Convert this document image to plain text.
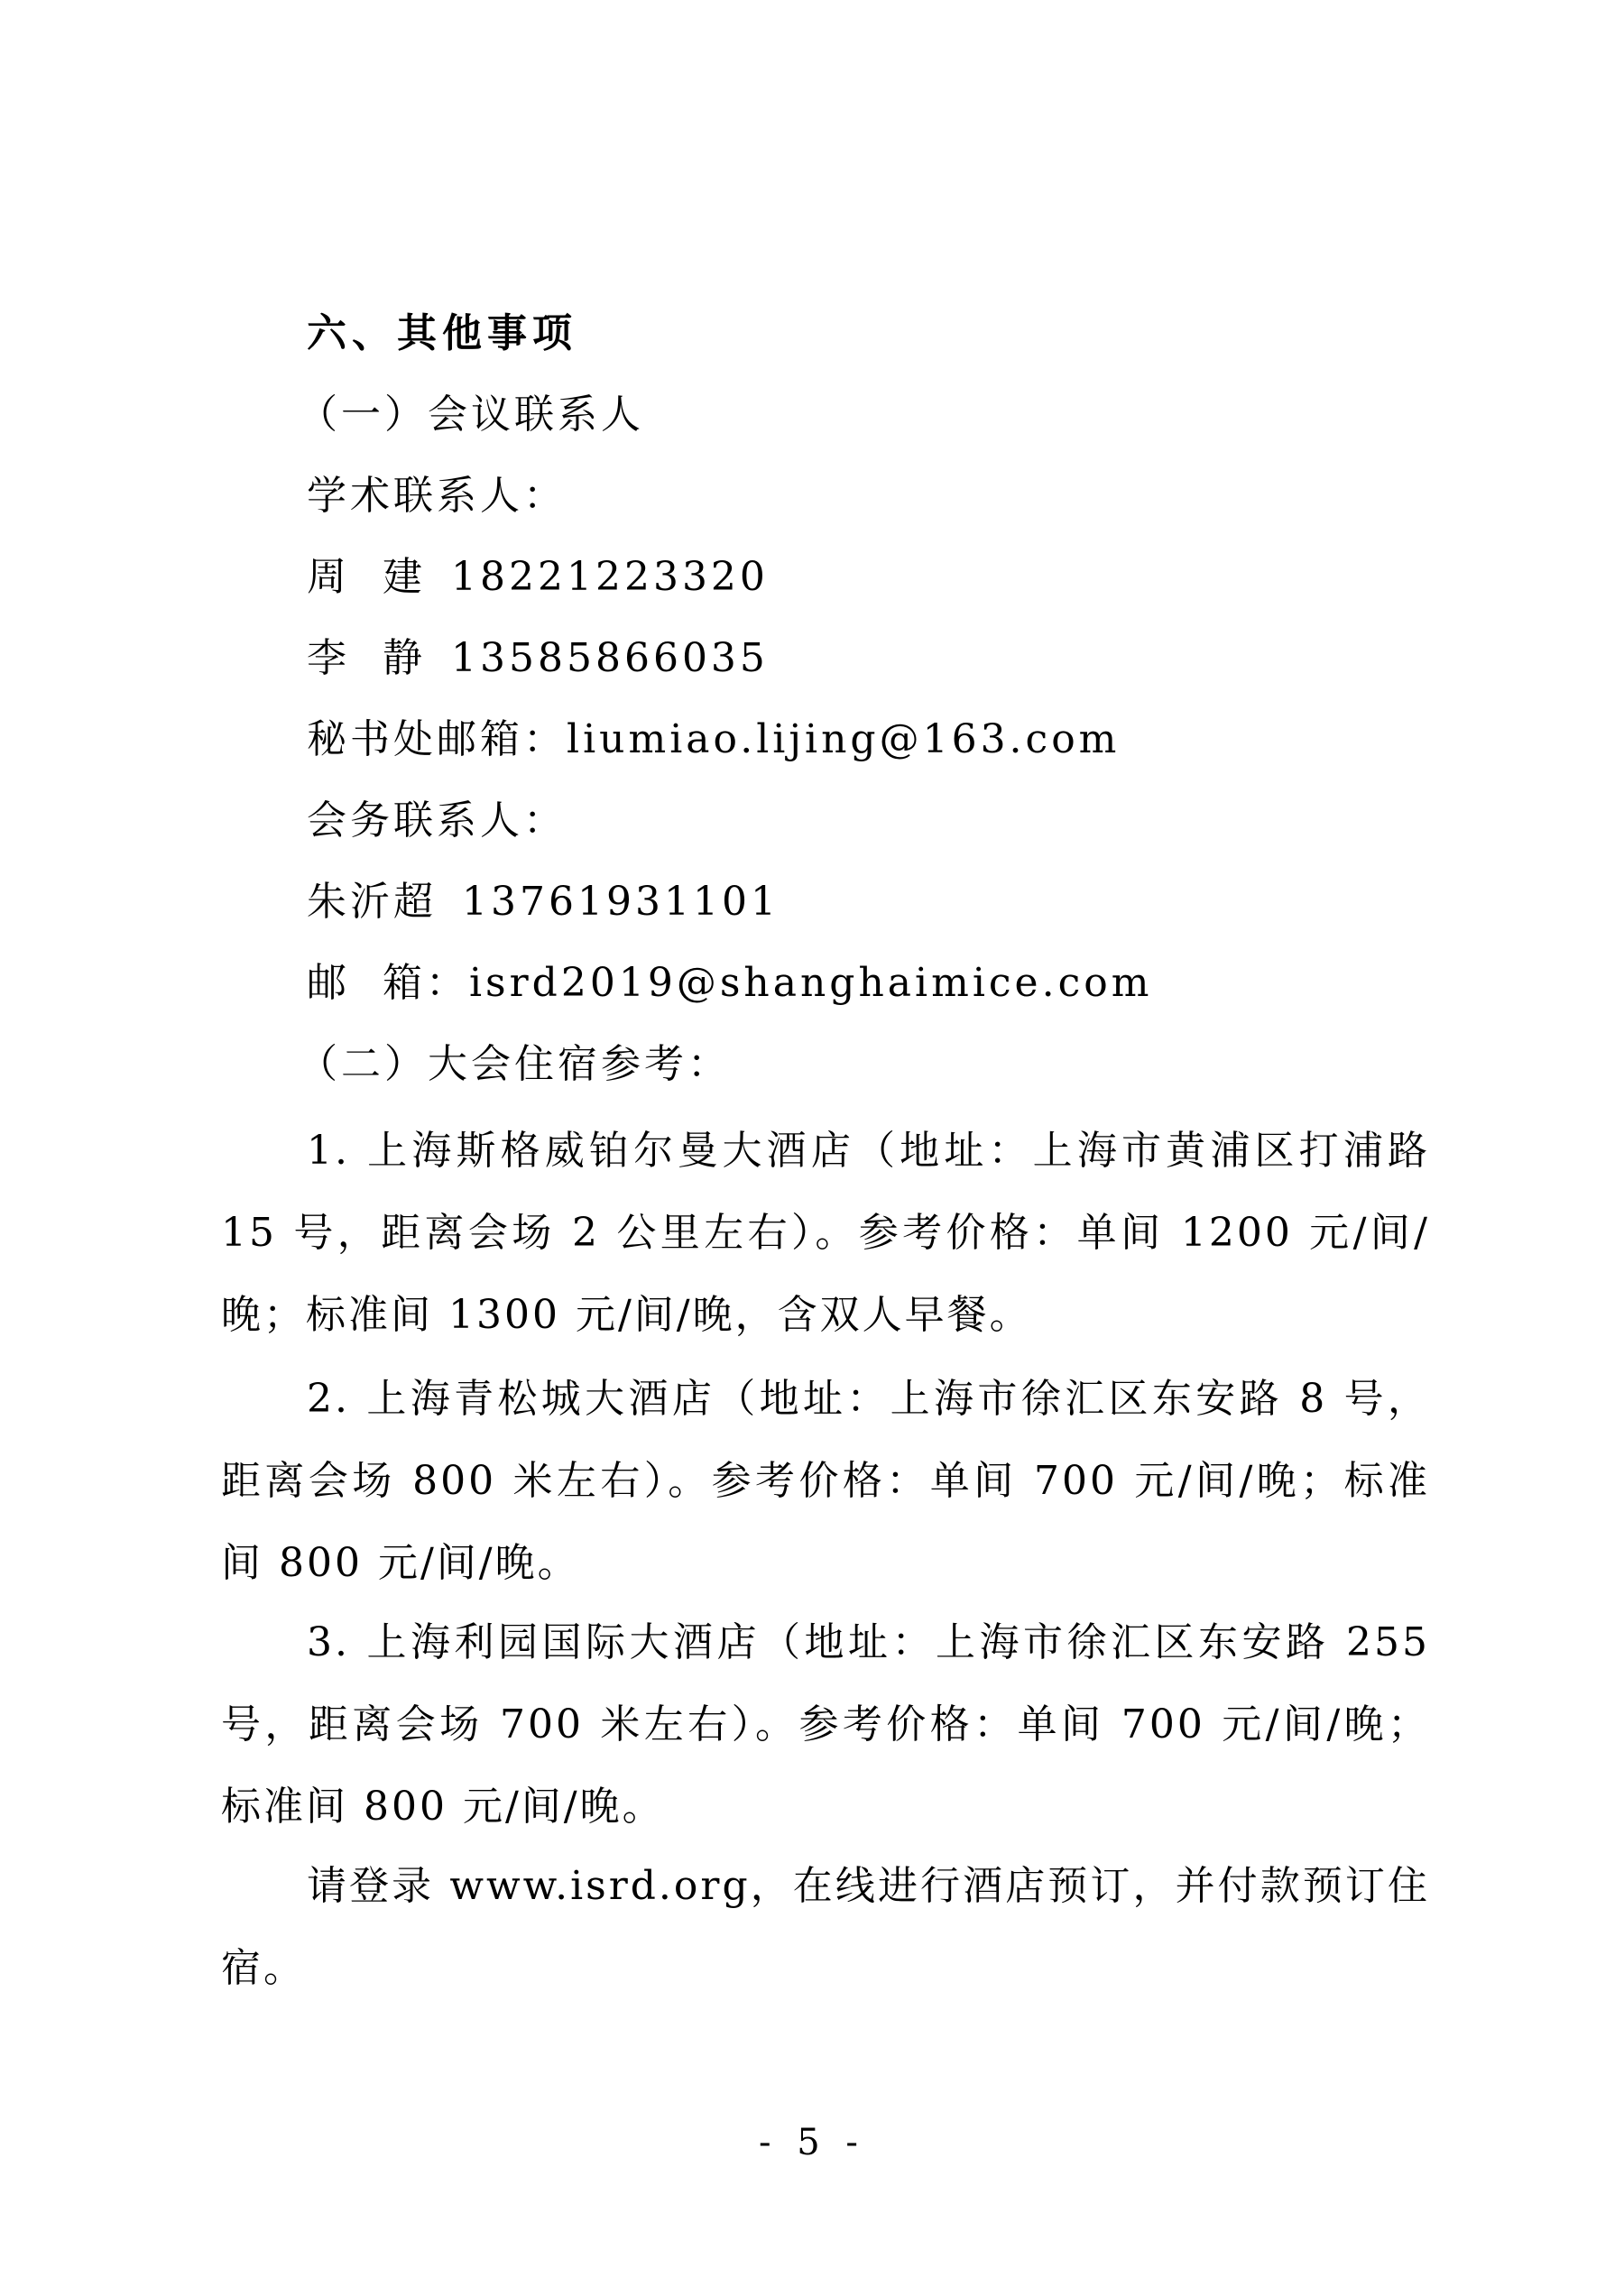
六、其他事项
（一）会议联系人
学术联系人：
周  建 18221223320
李  静 13585866035
秘书处邮箱：liumiao.lijing@163.com
会务联系人：
朱沂超 13761931101
邮  箱：isrd2019@shanghaimice.com
（二）大会住宿参考：
1. 上海斯格威铂尔曼大酒店（地址：上海市黄浦区打浦路 15 号，距离会场 2 公里左右）。参考价格：单间 1200 元/间/晚；标准间 1300 元/间/晚，含双人早餐。
2. 上海青松城大酒店（地址：上海市徐汇区东安路 8 号，距离会场 800 米左右）。参考价格：单间 700 元/间/晚；标准间 800 元/间/晚。
3. 上海利园国际大酒店（地址：上海市徐汇区东安路 255 号，距离会场 700 米左右）。参考价格：单间 700 元/间/晚；标准间 800 元/间/晚。
请登录 www.isrd.org，在线进行酒店预订，并付款预订住宿。
- 5 -
